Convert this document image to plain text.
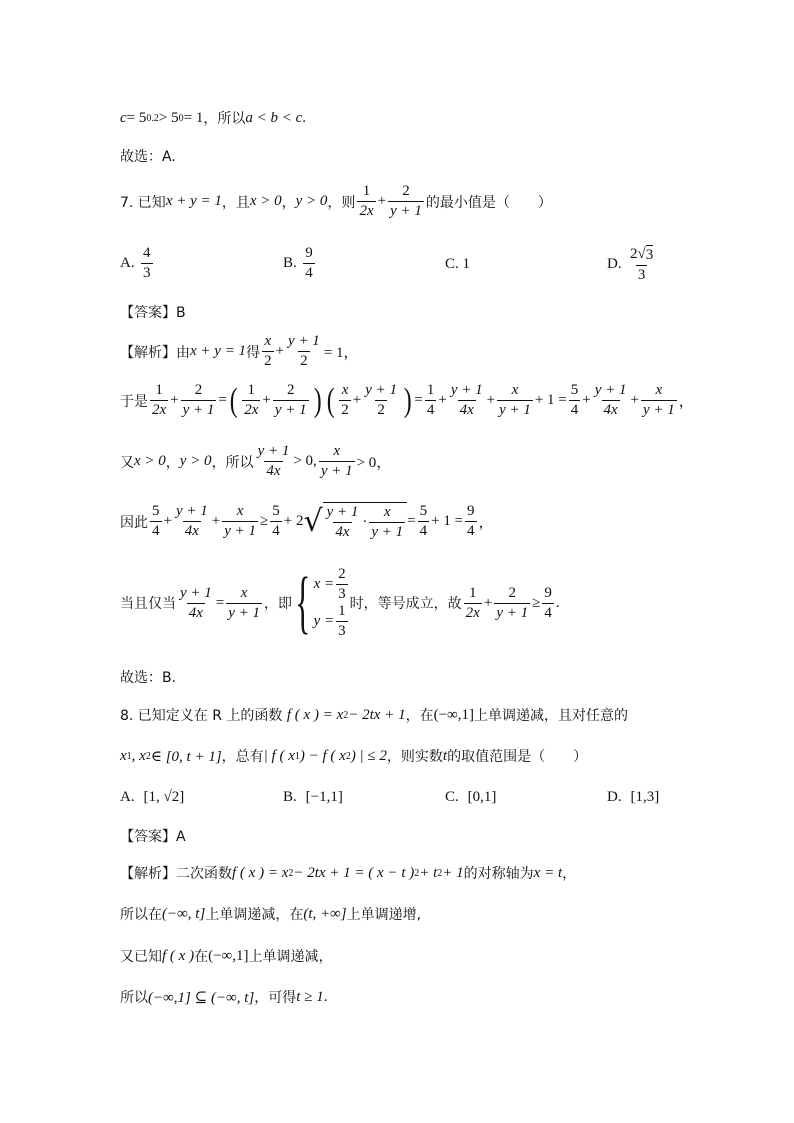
c = 5 0.2 > 5 0 = 1 ，所以 a < b < c .
故选：A.
7. 已知 x + y = 1 ，且 x > 0 ， y > 0 ，则 $\frac{1}{2x} + \frac{2}{y + 1}$ 的最小值是（　　）
A.
$\frac{4}{3}$	B.
$\frac{9}{4}$	C. 1	D.
$\frac{2 √ 3}{3}$
【答案】B
【解析】由 x + y = 1 得 $\frac{x}{2} + \frac{y + 1}{2} = 1$，
于是 $\frac{1}{2x} + \frac{2}{y + 1}$ = ( $\frac{1}{2x} + \frac{2}{y + 1}$ ) ( $\frac{x}{2} + \frac{y + 1}{2}$ ) = $\frac{1}{4} + \frac{y + 1}{4x} + \frac{x}{y + 1} + 1 = \frac{5}{4} + \frac{y + 1}{4x} + \frac{x}{y + 1}$ ，
又 x > 0 ， y > 0 ，所以 $\frac{y + 1}{4x} > 0$, $\frac{x}{y + 1} > 0$，
因此 $\frac{5}{4} + \frac{y + 1}{4x} + \frac{x}{y + 1} \ge \frac{5}{4} + 2$ √ $\frac{y + 1}{4x} \cdot \frac{x}{y + 1} = \frac{5}{4} + 1 = \frac{9}{4}$ ，
当且仅当 $\frac{y + 1}{4x} = \frac{x}{y + 1}$ ，即 { $x = \frac{2}{3}$
$y = \frac{1}{3}$ 时，等号成立，故 $\frac{1}{2x} + \frac{2}{y + 1} \ge \frac{9}{4}$ .
故选：B.
8. 已知定义在 R 上的函数
f ( x ) = x 2 − 2tx + 1 ，在 (−∞,1] 上单调递减，且对任意的
x 1 , x 2 ∈ [0, t + 1] ，总有 | f ( x 1 ) − f ( x 2 ) | ≤ 2 ，则实数 t 的取值范围是（　　）
A.
[1, √2]	B.
[−1,1]	C.
[0,1]	D.
[1,3]
【答案】A
【解析】二次函数 f ( x ) = x 2 − 2tx + 1 = ( x − t ) 2 + t 2 + 1 的对称轴为 x = t ，
所以在 (−∞, t] 上单调递减，在 (t, +∞] 上单调递增,
又已知 f ( x ) 在 (−∞,1] 上单调递减，
所以 (−∞,1] ⊆ (−∞, t] ，可得 t ≥ 1 .
